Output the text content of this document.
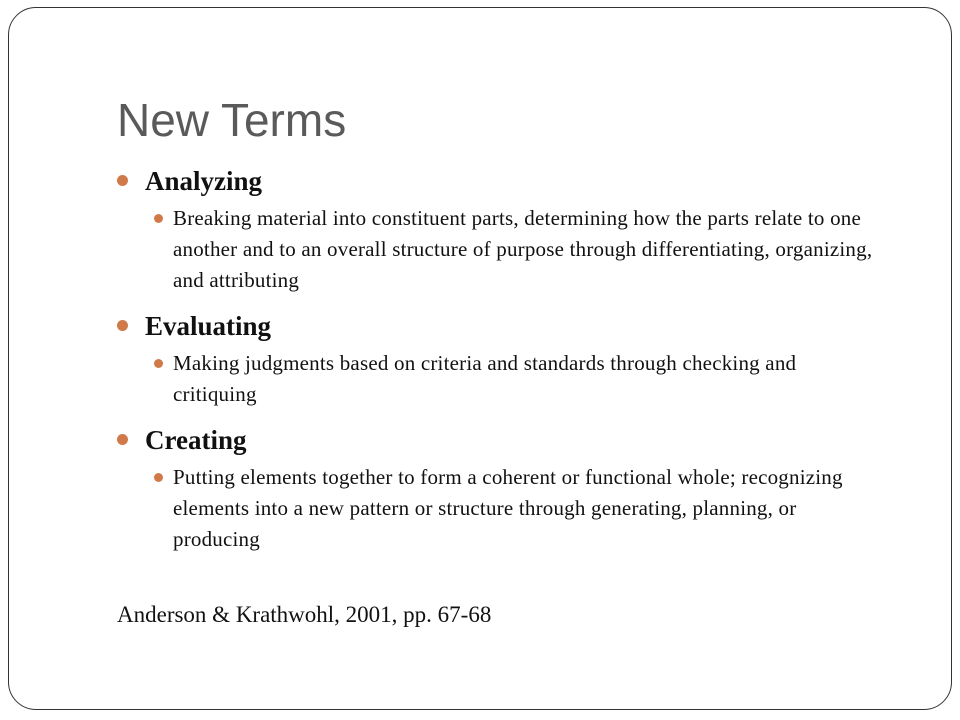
New Terms

Analyzing

Breaking material into constituent parts, determining how the parts relate to one another and to an overall structure of purpose through differentiating, organizing, and attributing

Evaluating

Making judgments based on criteria and standards through checking and critiquing

Creating

Putting elements together to form a coherent or functional whole; recognizing elements into a new pattern or structure through generating, planning, or producing

Anderson & Krathwohl, 2001, pp. 67-68
